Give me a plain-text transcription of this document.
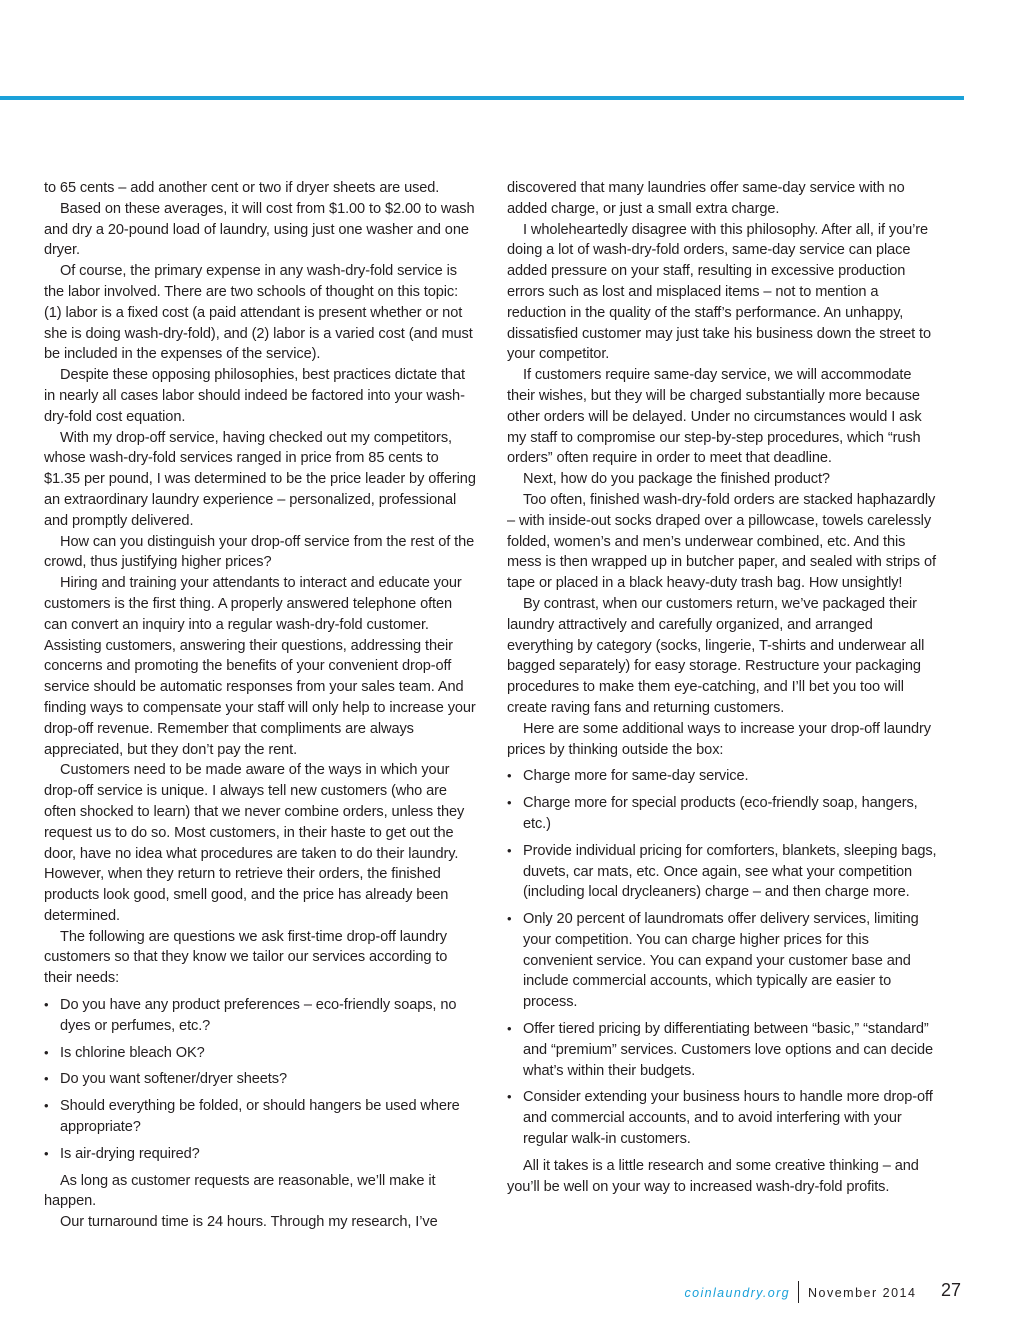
to 65 cents – add another cent or two if dryer sheets are used.

Based on these averages, it will cost from $1.00 to $2.00 to wash and dry a 20-pound load of laundry, using just one washer and one dryer.

Of course, the primary expense in any wash-dry-fold service is the labor involved. There are two schools of thought on this topic: (1) labor is a fixed cost (a paid attendant is present whether or not she is doing wash-dry-fold), and (2) labor is a varied cost (and must be included in the expenses of the service).

Despite these opposing philosophies, best practices dictate that in nearly all cases labor should indeed be factored into your wash-dry-fold cost equation.

With my drop-off service, having checked out my competitors, whose wash-dry-fold services ranged in price from 85 cents to $1.35 per pound, I was determined to be the price leader by offering an extraordinary laundry experience – personalized, professional and promptly delivered.

How can you distinguish your drop-off service from the rest of the crowd, thus justifying higher prices?

Hiring and training your attendants to interact and educate your customers is the first thing. A properly answered telephone often can convert an inquiry into a regular wash-dry-fold customer. Assisting customers, answering their questions, addressing their concerns and promoting the benefits of your convenient drop-off service should be automatic responses from your sales team. And finding ways to compensate your staff will only help to increase your drop-off revenue. Remember that compliments are always appreciated, but they don’t pay the rent.

Customers need to be made aware of the ways in which your drop-off service is unique. I always tell new customers (who are often shocked to learn) that we never combine orders, unless they request us to do so. Most customers, in their haste to get out the door, have no idea what procedures are taken to do their laundry. However, when they return to retrieve their orders, the finished products look good, smell good, and the price has already been determined.

The following are questions we ask first-time drop-off laundry customers so that they know we tailor our services according to their needs:

• Do you have any product preferences – eco-friendly soaps, no dyes or perfumes, etc.?
• Is chlorine bleach OK?
• Do you want softener/dryer sheets?
• Should everything be folded, or should hangers be used where appropriate?
• Is air-drying required?

As long as customer requests are reasonable, we’ll make it happen.

Our turnaround time is 24 hours. Through my research, I’ve

discovered that many laundries offer same-day service with no added charge, or just a small extra charge.

I wholeheartedly disagree with this philosophy. After all, if you’re doing a lot of wash-dry-fold orders, same-day service can place added pressure on your staff, resulting in excessive production errors such as lost and misplaced items – not to mention a reduction in the quality of the staff’s performance. An unhappy, dissatisfied customer may just take his business down the street to your competitor.

If customers require same-day service, we will accommodate their wishes, but they will be charged substantially more because other orders will be delayed. Under no circumstances would I ask my staff to compromise our step-by-step procedures, which “rush orders” often require in order to meet that deadline.

Next, how do you package the finished product?

Too often, finished wash-dry-fold orders are stacked haphazardly – with inside-out socks draped over a pillowcase, towels carelessly folded, women’s and men’s underwear combined, etc. And this mess is then wrapped up in butcher paper, and sealed with strips of tape or placed in a black heavy-duty trash bag. How unsightly!

By contrast, when our customers return, we’ve packaged their laundry attractively and carefully organized, and arranged everything by category (socks, lingerie, T-shirts and underwear all bagged separately) for easy storage. Restructure your packaging procedures to make them eye-catching, and I’ll bet you too will create raving fans and returning customers.

Here are some additional ways to increase your drop-off laundry prices by thinking outside the box:

• Charge more for same-day service.
• Charge more for special products (eco-friendly soap, hangers, etc.)
• Provide individual pricing for comforters, blankets, sleeping bags, duvets, car mats, etc. Once again, see what your competition (including local drycleaners) charge – and then charge more.
• Only 20 percent of laundromats offer delivery services, limiting your competition. You can charge higher prices for this convenient service. You can expand your customer base and include commercial accounts, which typically are easier to process.
• Offer tiered pricing by differentiating between “basic,” “standard” and “premium” services. Customers love options and can decide what’s within their budgets.
• Consider extending your business hours to handle more drop-off and commercial accounts, and to avoid interfering with your regular walk-in customers.

All it takes is a little research and some creative thinking – and you’ll be well on your way to increased wash-dry-fold profits.

coinlaundry.org November 2014 27
